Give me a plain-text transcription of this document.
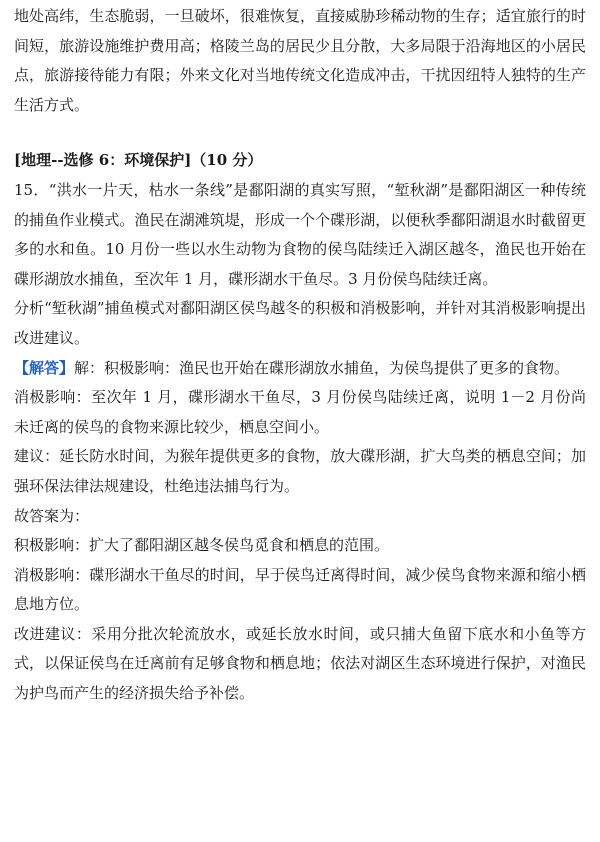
地处高纬，生态脆弱，一旦破坏，很难恢复，直接威胁珍稀动物的生存；适宜旅行的时间短，旅游设施维护费用高；格陵兰岛的居民少且分散，大多局限于沿海地区的小居民点，旅游接待能力有限；外来文化对当地传统文化造成冲击，干扰因纽特人独特的生产生活方式。

[地理--选修 6：环境保护]（10 分）

15．“洪水一片天，枯水一条线”是鄱阳湖的真实写照，“堑秋湖”是鄱阳湖区一种传统的捕鱼作业模式。渔民在湖滩筑堤，形成一个个碟形湖，以便秋季鄱阳湖退水时截留更多的水和鱼。10 月份一些以水生动物为食物的侯鸟陆续迁入湖区越冬，渔民也开始在碟形湖放水捕鱼，至次年 1 月，碟形湖水干鱼尽。3 月份侯鸟陆续迁离。

分析“堑秋湖”捕鱼模式对鄱阳湖区侯鸟越冬的积极和消极影响，并针对其消极影响提出改进建议。

【解答】解：积极影响：渔民也开始在碟形湖放水捕鱼，为侯鸟提供了更多的食物。

消极影响：至次年 1 月，碟形湖水干鱼尽，3 月份侯鸟陆续迁离，说明 1－2 月份尚未迁离的侯鸟的食物来源比较少，栖息空间小。

建议：延长防水时间，为猴年提供更多的食物，放大碟形湖，扩大鸟类的栖息空间；加强环保法律法规建设，杜绝违法捕鸟行为。

故答案为：

积极影响：扩大了鄱阳湖区越冬侯鸟觅食和栖息的范围。

消极影响：碟形湖水干鱼尽的时间，早于侯鸟迁离得时间，减少侯鸟食物来源和缩小栖息地方位。

改进建议：采用分批次轮流放水，或延长放水时间，或只捕大鱼留下底水和小鱼等方式，以保证侯鸟在迁离前有足够食物和栖息地；依法对湖区生态环境进行保护，对渔民为护鸟而产生的经济损失给予补偿。
